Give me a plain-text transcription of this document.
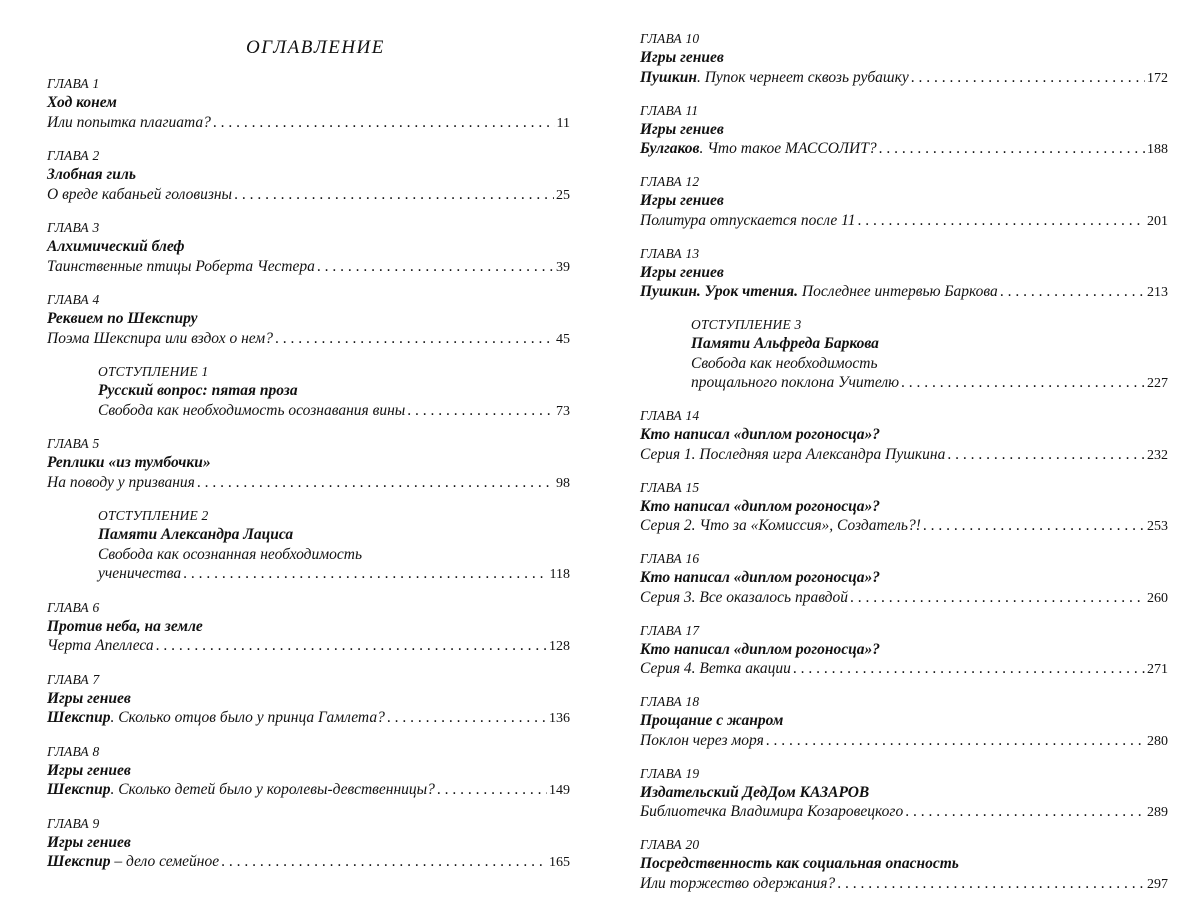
ОГЛАВЛЕНИЕ
ГЛАВА 1
Ход конем
Или попытка плагиата? . . .	11
ГЛАВА 2
Злобная гиль
О вреде кабаньей головизны . . .	25
ГЛАВА 3
Алхимический блеф
Таинственные птицы Роберта Честера . . .	39
ГЛАВА 4
Реквием по Шекспиру
Поэма Шекспира или вздох о нем? . . .	45
ОТСТУПЛЕНИЕ 1
Русский вопрос: пятая проза
Свобода как необходимость осознавания вины . . .	73
ГЛАВА 5
Реплики «из тумбочки»
На поводу у призвания . . .	98
ОТСТУПЛЕНИЕ 2
Памяти Александра Лациса
Свобода как осознанная необходимость
ученичества . . .	118
ГЛАВА 6
Против неба, на земле
Черта Апеллеса . . .	128
ГЛАВА 7
Игры гениев
Шекспир. Сколько отцов было у принца Гамлета? . . .	136
ГЛАВА 8
Игры гениев
Шекспир. Сколько детей было у королевы-девственницы? . . .	149
ГЛАВА 9
Игры гениев
Шекспир – дело семейное . . .	165
ГЛАВА 10
Игры гениев
Пушкин. Пупок чернеет сквозь рубашку . . .	172
ГЛАВА 11
Игры гениев
Булгаков. Что такое МАССОЛИТ? . . .	188
ГЛАВА 12
Игры гениев
Политура отпускается после 11 . . .	201
ГЛАВА 13
Игры гениев
Пушкин. Урок чтения. Последнее интервью Баркова . . .	213
ОТСТУПЛЕНИЕ 3
Памяти Альфреда Баркова
Свобода как необходимость
прощального поклона Учителю . . .	227
ГЛАВА 14
Кто написал «диплом рогоносца»?
Серия 1. Последняя игра Александра Пушкина . . .	232
ГЛАВА 15
Кто написал «диплом рогоносца»?
Серия 2. Что за «Комиссия», Создатель?! . . .	253
ГЛАВА 16
Кто написал «диплом рогоносца»?
Серия 3. Все оказалось правдой . . .	260
ГЛАВА 17
Кто написал «диплом рогоносца»?
Серия 4. Ветка акации . . .	271
ГЛАВА 18
Прощание с жанром
Поклон через моря . . .	280
ГЛАВА 19
Издательский ДедДом КАЗАРОВ
Библиотечка Владимира Козаровецкого . . .	289
ГЛАВА 20
Посредственность как социальная опасность
Или торжество одержания? . . .	297
